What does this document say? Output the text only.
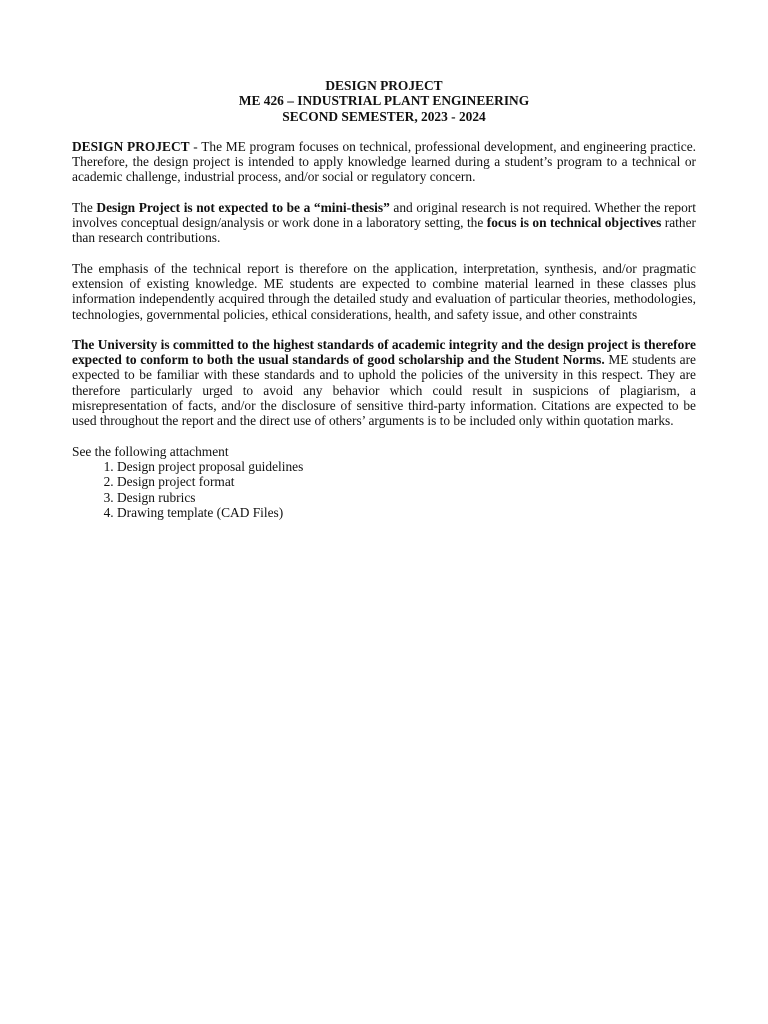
DESIGN PROJECT
ME 426 – INDUSTRIAL PLANT ENGINEERING
SECOND SEMESTER, 2023 - 2024

DESIGN PROJECT - The ME program focuses on technical, professional development, and engineering practice. Therefore, the design project is intended to apply knowledge learned during a student’s program to a technical or academic challenge, industrial process, and/or social or regulatory concern.

The Design Project is not expected to be a “mini-thesis” and original research is not required. Whether the report involves conceptual design/analysis or work done in a laboratory setting, the focus is on technical objectives rather than research contributions.

The emphasis of the technical report is therefore on the application, interpretation, synthesis, and/or pragmatic extension of existing knowledge. ME students are expected to combine material learned in these classes plus information independently acquired through the detailed study and evaluation of particular theories, methodologies, technologies, governmental policies, ethical considerations, health, and safety issue, and other constraints

The University is committed to the highest standards of academic integrity and the design project is therefore expected to conform to both the usual standards of good scholarship and the Student Norms. ME students are expected to be familiar with these standards and to uphold the policies of the university in this respect. They are therefore particularly urged to avoid any behavior which could result in suspicions of plagiarism, a misrepresentation of facts, and/or the disclosure of sensitive third-party information. Citations are expected to be used throughout the report and the direct use of others’ arguments is to be included only within quotation marks.

See the following attachment
1. Design project proposal guidelines
2. Design project format
3. Design rubrics
4. Drawing template (CAD Files)
